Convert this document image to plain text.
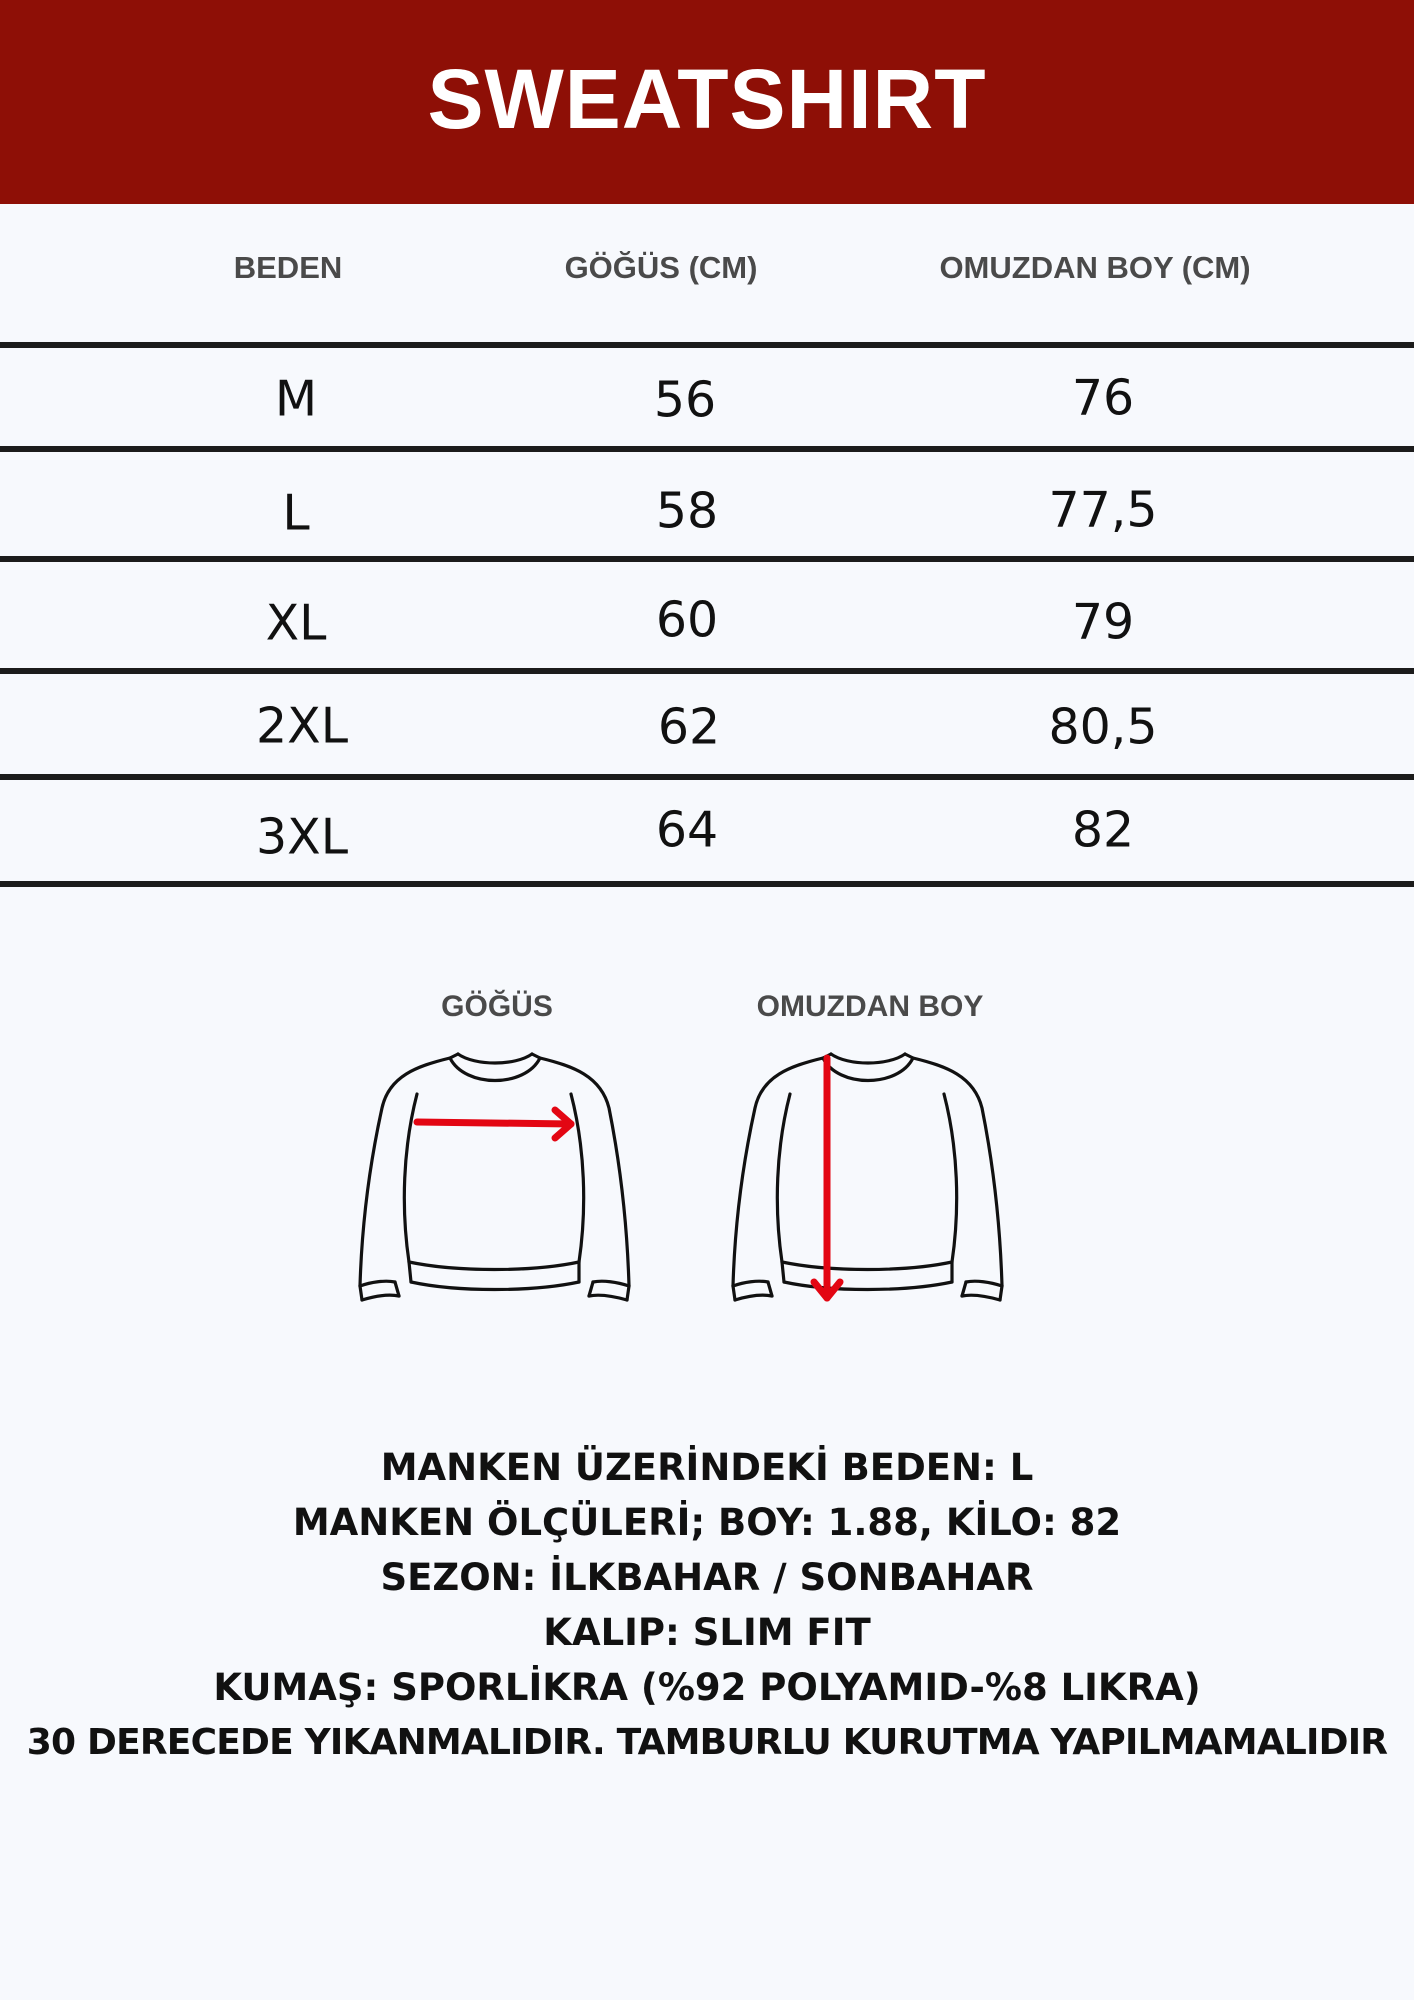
SWEATSHIRT
BEDEN	GÖĞÜS (CM)	OMUZDAN BOY (CM)
M	56	76
L	58	77,5
XL	60	79
2XL	62	80,5
3XL	64	82
GÖĞÜS	OMUZDAN BOY
MANKEN ÜZERİNDEKİ BEDEN: L
MANKEN ÖLÇÜLERİ; BOY: 1.88, KİLO: 82
SEZON: İLKBAHAR / SONBAHAR
KALIP: SLIM FIT
KUMAŞ: SPORLİKRA (%92 POLYAMID-%8 LIKRA)
30 DERECEDE YIKANMALIDIR. TAMBURLU KURUTMA YAPILMAMALIDIR
